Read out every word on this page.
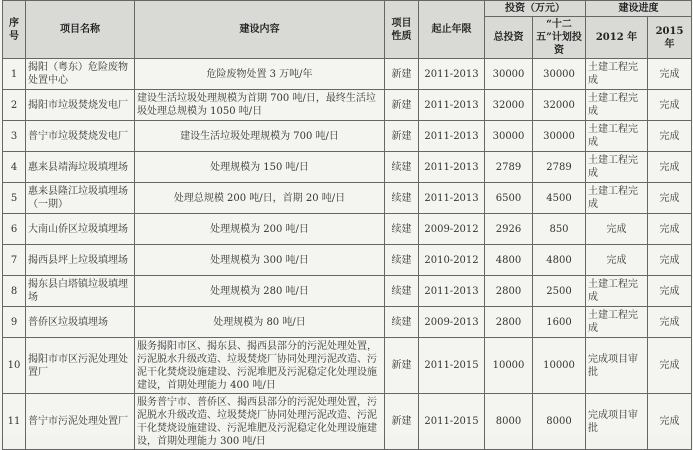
序号	项目名称	建设内容	项目性质	起止年限	投资（万元）		建设进度	
					总投资	“十二五”计划投资	2012 年	2015 年
1	揭阳（粤东）危险废物处置中心	危险废物处置 3 万吨/年	新建	2011-2013	30000	30000	土建工程完成	完成
2	揭阳市垃圾焚烧发电厂	建设生活垃圾处理规模为首期 700 吨/日，最终生活垃圾处理总规模为 1050 吨/日	新建	2011-2013	32000	32000	土建工程完成	完成
3	普宁市垃圾焚烧发电厂	建设生活垃圾处理规模为 700 吨/日	新建	2011-2013	30000	30000	土建工程完成	完成
4	惠来县靖海垃圾填埋场	处理规模为 150 吨/日	续建	2011-2013	2789	2789	土建工程完成	完成
5	惠来县隆江垃圾填埋场（一期）	处理总规模 200 吨/日，首期 20 吨/日	续建	2011-2013	6500	4500	土建工程完成	完成
6	大南山侨区垃圾填埋场	处理规模为 200 吨/日	续建	2009-2012	2926	850	完成	完成
7	揭西县坪上垃圾填埋场	处理规模为 300 吨/日	续建	2010-2012	4800	4800	完成	完成
8	揭东县白塔镇垃圾填埋场	处理规模为 280 吨/日	续建	2011-2013	2800	2500	土建工程完成	完成
9	普侨区垃圾填埋场	处理规模为 80 吨/日	续建	2009-2013	2800	1600	土建工程完成	完成
10	揭阳市市区污泥处理处置厂	服务揭阳市区、揭东县、揭西县部分的污泥处理处置，污泥脱水升级改造、垃圾焚烧厂协同处理污泥改造、污泥干化焚烧设施建设、污泥堆肥及污泥稳定化处理设施建设，首期处理能力 400 吨/日	新建	2011-2015	10000	10000	完成项目审批	完成
11	普宁市污泥处理处置厂	服务普宁市、普侨区、揭西县部分的污泥处理处置，污泥脱水升级改造、垃圾焚烧厂协同处理污泥改造、污泥干化焚烧设施建设、污泥堆肥及污泥稳定化处理设施建设，首期处理能力 300 吨/日	新建	2011-2015	8000	8000	完成项目审批	完成
